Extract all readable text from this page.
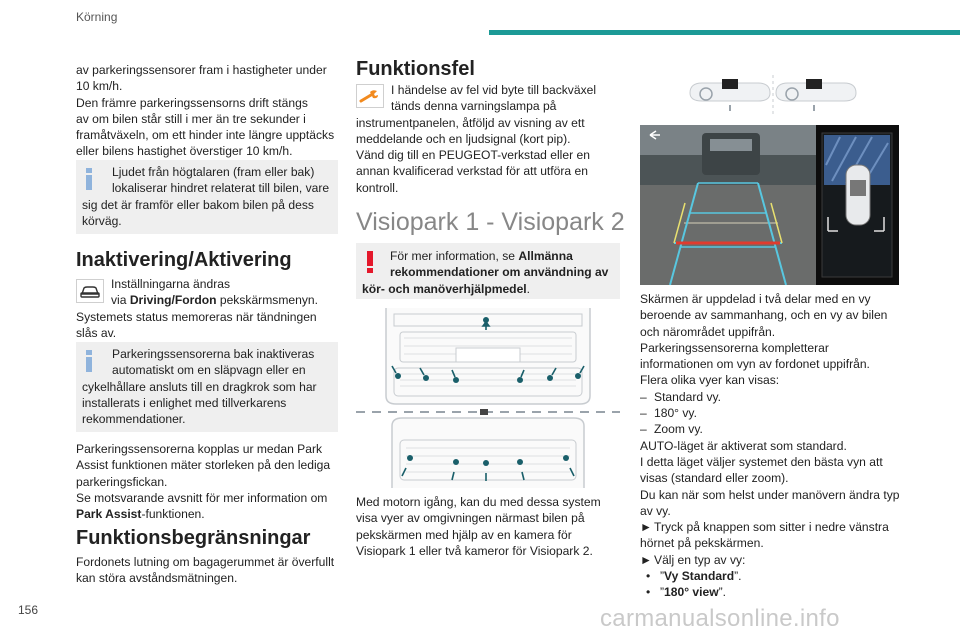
Körning

av parkeringssensorer fram i hastigheter under

10 km/h.

Den främre parkeringssensorns drift stängs

av om bilen står still i mer än tre sekunder i

framåtväxeln, om ett hinder inte längre upptäcks

eller bilens hastighet överstiger 10 km/h.

Ljudet från högtalaren (fram eller bak)
lokaliserar hindret relaterat till bilen, vare
sig det är framför eller bakom bilen på dess
körväg.
Inaktivering/Aktivering

Inställningarna ändras

via Driving/Fordon pekskärmsmenyn.

Systemets status memoreras när tändningen

slås av.

Parkeringssensorerna bak inaktiveras
automatiskt om en släpvagn eller en
cykelhållare ansluts till en dragkrok som har
installerats i enlighet med tillverkarens
rekommendationer.

Parkeringssensorerna kopplas ur medan Park

Assist funktionen mäter storleken på den lediga

parkeringsfickan.

Se motsvarande avsnitt för mer information om

Park Assist-funktionen.

Funktionsbegränsningar

Fordonets lutning om bagagerummet är överfullt

kan störa avståndsmätningen.

Funktionsfel

I händelse av fel vid byte till backväxel

tänds denna varningslampa på

instrumentpanelen, åtföljd av visning av ett

meddelande och en ljudsignal (kort pip).

Vänd dig till en PEUGEOT-verkstad eller en

annan kvalificerad verkstad för att utföra en

kontroll.

Visiopark 1 - Visiopark 2
För mer information, se Allmänna
rekommendationer om användning av
kör- och manöverhjälpmedel.

Med motorn igång, kan du med dessa system

visa vyer av omgivningen närmast bilen på

pekskärmen med hjälp av en kamera för

Visiopark 1 eller två kameror för Visiopark 2.

Skärmen är uppdelad i två delar med en vy

beroende av sammanhang, och en vy av bilen

och närområdet uppifrån.

Parkeringssensorerna kompletterar

informationen om vyn av fordonet uppifrån.

Flera olika vyer kan visas:

– Standard vy.

– 180° vy.

– Zoom vy.

AUTO-läget är aktiverat som standard.

I detta läget väljer systemet den bästa vyn att

visas (standard eller zoom).

Du kan när som helst under manövern ändra typ

av vy.

► Tryck på knappen som sitter i nedre vänstra

hörnet på pekskärmen.

► Välj en typ av vy:

• ”Vy Standard”.

• ”180° view”.

156	carmanualsonline.info
